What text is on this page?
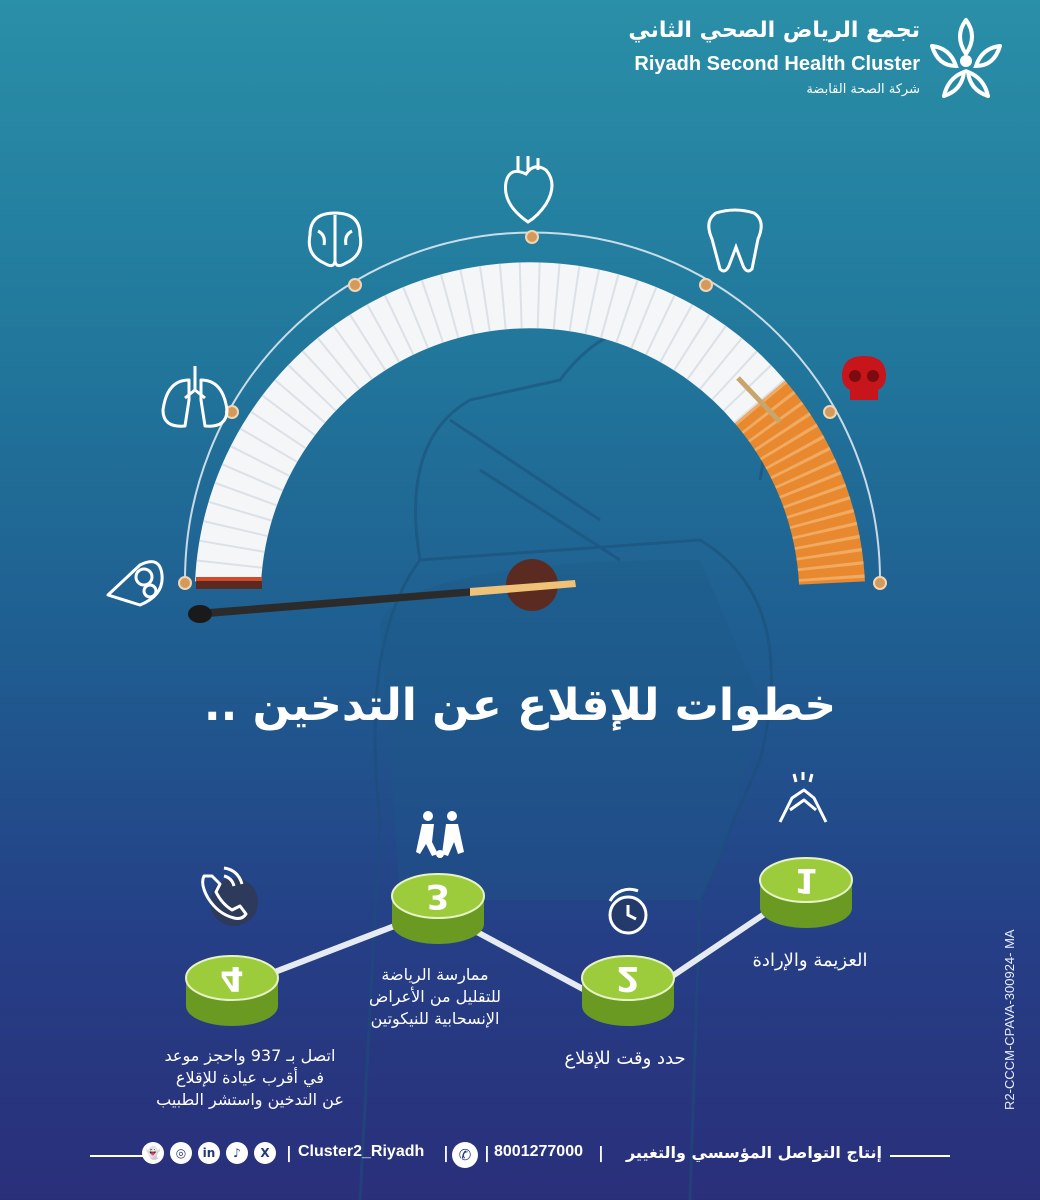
تجمع الرياض الصحي الثاني
Riyadh Second Health Cluster
شركة الصحة القابضة
خطوات للإقلاع عن التدخين ..
1
2
3
4	العزيمة والإرادة
حدد وقت للإقلاع
ممارسة الرياضة
للتقليل من الأعراض
الإنسحابية للنيكوتين
اتصل بـ 937 واحجز موعد
في أقرب عيادة للإقلاع
عن التدخين واستشر الطبيب	R2-CCCM-CPAVA-300924- MA
👻	◎	in	♪	X	| Cluster2_Riyadh | ✆ | 8001277000 |	إنتاج التواصل المؤسسي والتغيير
